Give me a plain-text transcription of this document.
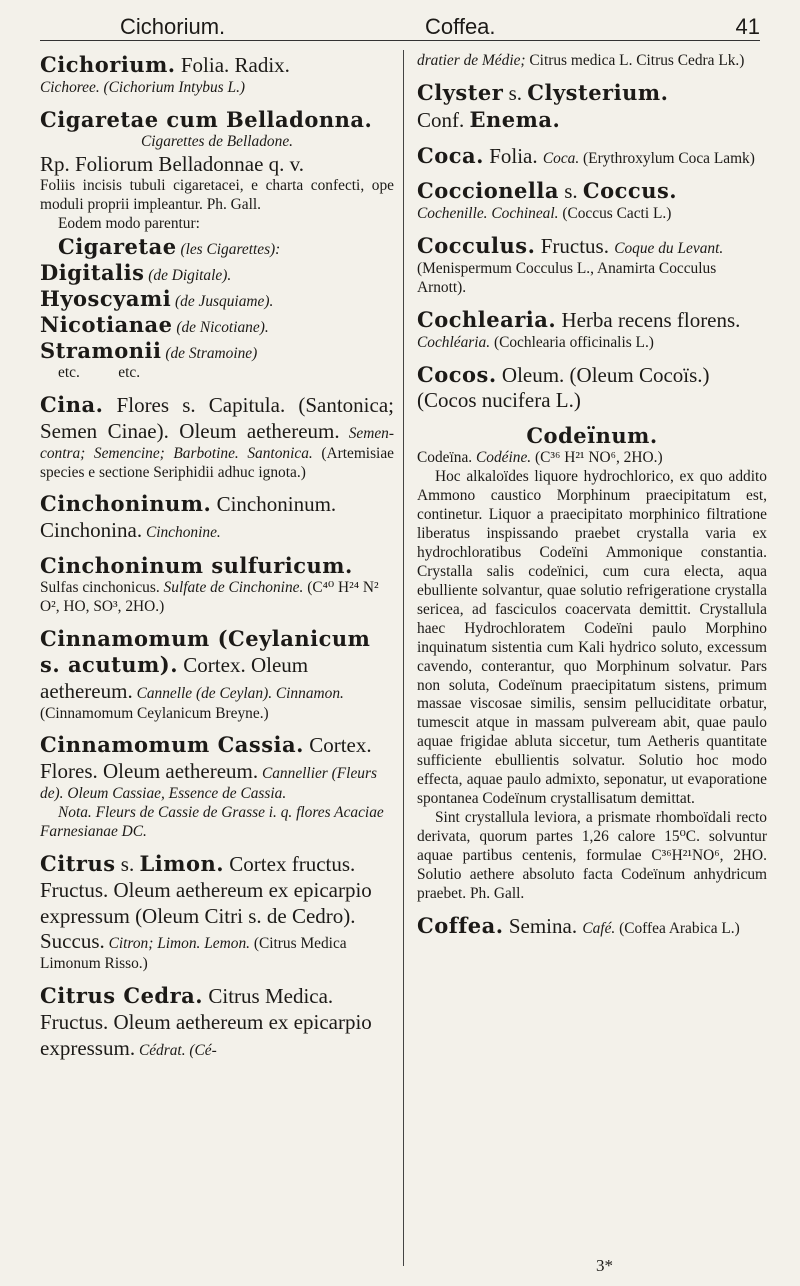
Cichorium.	Coffea.	41
Cichorium. Folia. Radix.
Cichoree. (Cichorium Intybus L.)
Cigaretae cum Belladonna.
Cigarettes de Belladone.
Rp. Foliorum Belladonnae q. v.
Foliis incisis tubuli cigaretacei, e charta confecti, ope moduli proprii impleantur. Ph. Gall.
Eodem modo parentur:
Cigaretae (les Cigarettes):
Digitalis (de Digitale).
Hyoscyami (de Jusquiame).
Nicotianae (de Nicotiane).
Stramonii (de Stramoine)
etc.          etc.
Cina. Flores s. Capitula. (Santonica; Semen Cinae). Oleum aethereum. Semen-contra; Semencine; Barbotine. Santonica. (Artemisiae species e sectione Seriphidii adhuc ignota.)
Cinchoninum. Cinchoninum. Cinchonina. Cinchonine.
Cinchoninum sulfuricum. Sulfas cinchonicus. Sulfate de Cinchonine. (C⁴⁰ H²⁴ N² O², HO, SO³, 2HO.)
Cinnamomum (Ceylanicum s. acutum). Cortex. Oleum aethereum. Cannelle (de Ceylan). Cinnamon. (Cinnamomum Ceylanicum Breyne.)
Cinnamomum Cassia. Cortex. Flores. Oleum aethereum. Cannellier (Fleurs de). Oleum Cassiae, Essence de Cassia.
Nota. Fleurs de Cassie de Grasse i. q. flores Acaciae Farnesianae DC.
Citrus s. Limon. Cortex fructus. Fructus. Oleum aethereum ex epicarpio expressum (Oleum Citri s. de Cedro). Succus. Citron; Limon. Lemon. (Citrus Medica Limonum Risso.)
Citrus Cedra. Citrus Medica. Fructus. Oleum aethereum ex epicarpio expressum. Cédrat. (Cé-
dratier de Médie; Citrus medica L. Citrus Cedra Lk.)
Clyster s. Clysterium.
Conf. Enema.
Coca. Folia. Coca. (Erythroxylum Coca Lamk)
Coccionella s. Coccus.
Cochenille. Cochineal. (Coccus Cacti L.)
Cocculus. Fructus. Coque du Levant. (Menispermum Cocculus L., Anamirta Cocculus Arnott).
Cochlearia. Herba recens florens. Cochléaria. (Cochlearia officinalis L.)
Cocos. Oleum. (Oleum Cocoïs.) (Cocos nucifera L.)
Codeïnum.
Codeïna. Codéine. (C³⁶ H²¹ NO⁶, 2HO.)
Hoc alkaloïdes liquore hydrochlorico, ex quo addito Ammono caustico Morphinum praecipitatum est, continetur. Liquor a praecipitato morphinico filtratione liberatus inspissando praebet crystalla varia ex hydrochloratibus Codeïni Ammonique constantia. Crystalla salis codeïnici, cum cura electa, aqua ebulliente solvantur, quae solutio refrigeratione crystalla sericea, ad fasciculos coacervata demittit. Crystallula haec Hydrochloratem Codeïni paulo Morphino inquinatum sistentia cum Kali hydrico soluto, excessum cavendo, conterantur, quo Morphinum solvatur. Pars non soluta, Codeïnum praecipitatum sistens, primum massae viscosae similis, sensim pelluciditate orbatur, tumescit atque in massam pulveream abit, quae paulo aquae frigidae abluta siccetur, tum Aetheris quantitate sufficiente ebullientis solvatur. Solutio hoc modo effecta, aquae paulo admixto, seponatur, ut evaporatione spontanea Codeïnum crystallisatum demittat.
Sint crystallula leviora, a prismate rhomboïdali recto derivata, quorum partes 1,26 calore 15⁰C. solvuntur aquae partibus centenis, formulae C³⁶H²¹NO⁶, 2HO. Solutio aethere absoluto facta Codeïnum anhydricum praebet. Ph. Gall.
Coffea. Semina. Café. (Coffea Arabica L.)
3*
